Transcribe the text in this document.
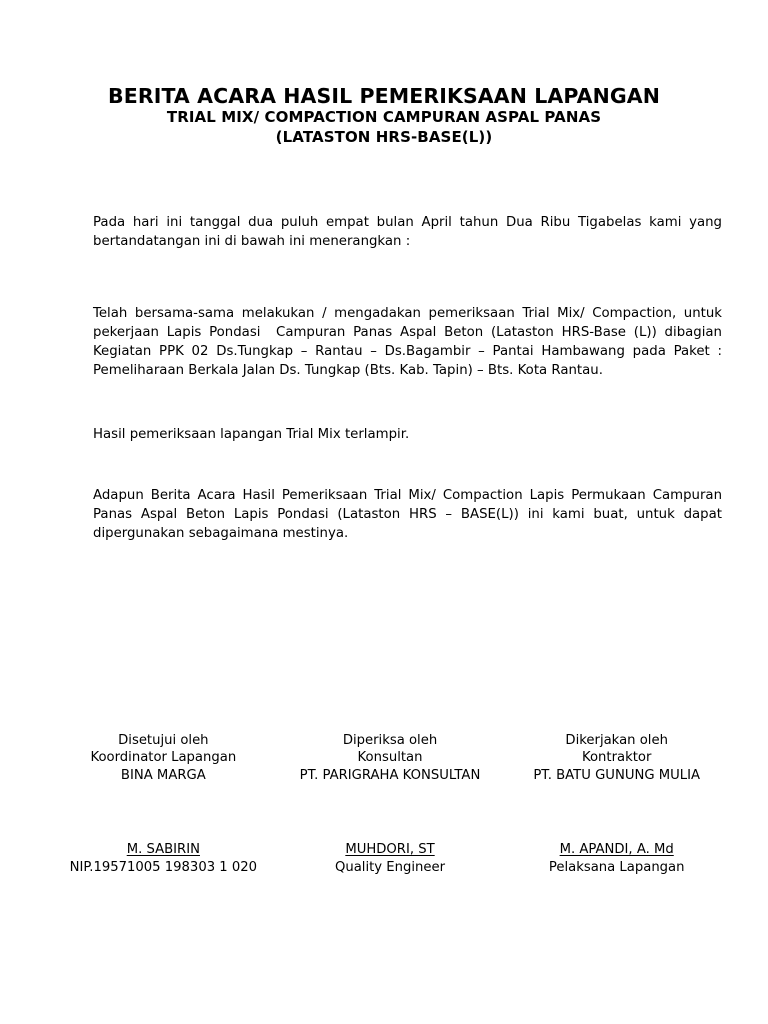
BERITA ACARA HASIL PEMERIKSAAN LAPANGAN
TRIAL MIX/ COMPACTION CAMPURAN ASPAL PANAS
(LATASTON HRS-BASE(L))

Pada hari ini tanggal dua puluh empat bulan April tahun Dua Ribu Tigabelas kami yang bertandatangan ini di bawah ini menerangkan :

Telah bersama-sama melakukan / mengadakan pemeriksaan Trial Mix/ Compaction, untuk pekerjaan Lapis Pondasi  Campuran Panas Aspal Beton (Lataston HRS-Base (L)) dibagian Kegiatan PPK 02 Ds.Tungkap – Rantau – Ds.Bagambir – Pantai Hambawang pada Paket : Pemeliharaan Berkala Jalan Ds. Tungkap (Bts. Kab. Tapin) – Bts. Kota Rantau.

Hasil pemeriksaan lapangan Trial Mix terlampir.

Adapun Berita Acara Hasil Pemeriksaan Trial Mix/ Compaction Lapis Permukaan Campuran Panas Aspal Beton Lapis Pondasi (Lataston HRS – BASE(L)) ini kami buat, untuk dapat dipergunakan sebagaimana mestinya.

Disetujui oleh
Koordinator Lapangan
BINA MARGA
Diperiksa oleh
Konsultan
PT. PARIGRAHA KONSULTAN
Dikerjakan oleh
Kontraktor
PT. BATU GUNUNG MULIA
M. SABIRIN
NIP.19571005 198303 1 020
MUHDORI, ST
Quality Engineer
M. APANDI, A. Md
Pelaksana Lapangan
